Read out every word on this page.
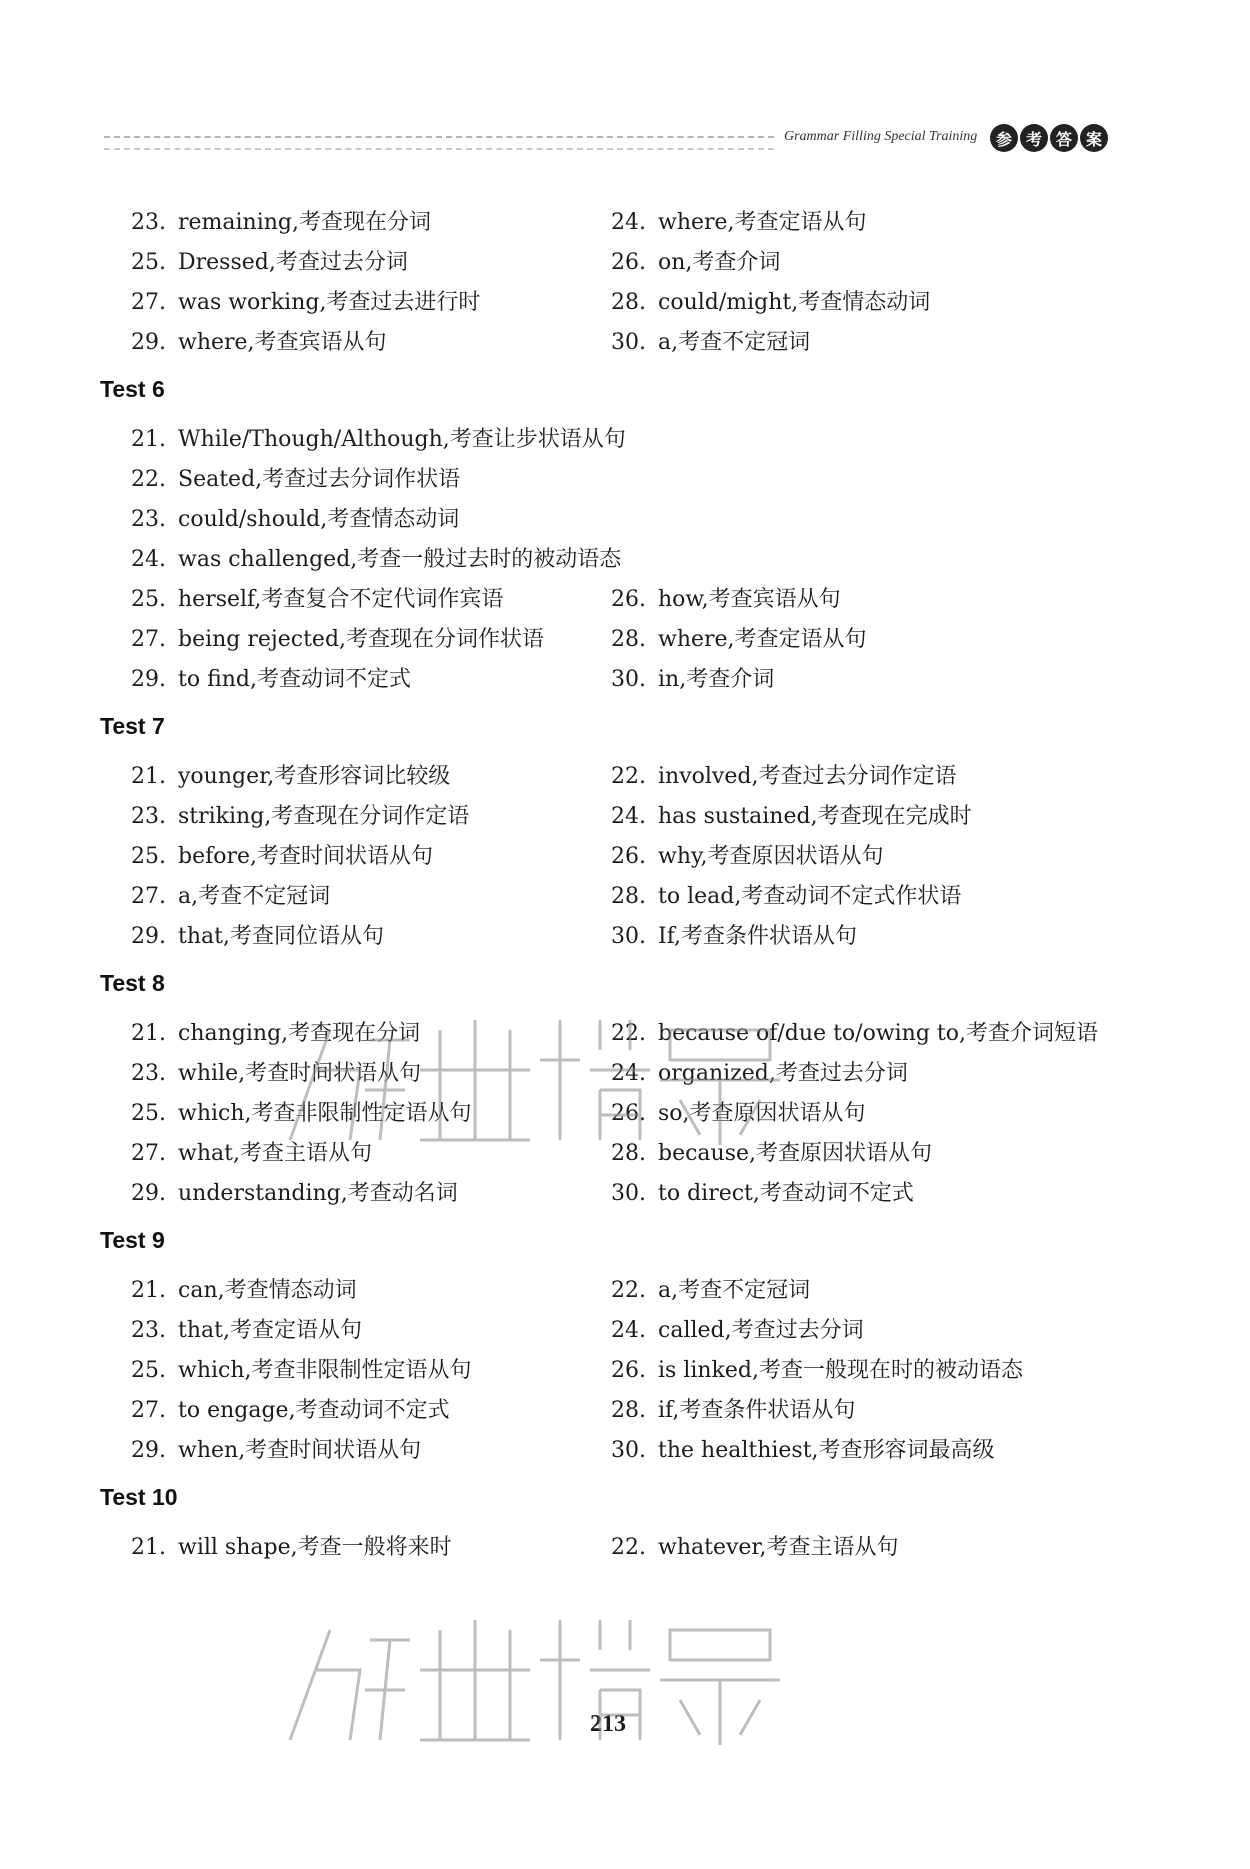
Grammar Filling Special Training	参 考 答 案
23. remaining,考查现在分词	24. where,考查定语从句
25. Dressed,考查过去分词	26. on,考查介词
27. was working,考查过去进行时	28. could/might,考查情态动词
29. where,考查宾语从句	30. a,考查不定冠词
Test 6
21. While/Though/Although,考查让步状语从句
22. Seated,考查过去分词作状语
23. could/should,考查情态动词
24. was challenged,考查一般过去时的被动语态
25. herself,考查复合不定代词作宾语	26. how,考查宾语从句
27. being rejected,考查现在分词作状语	28. where,考查定语从句
29. to find,考查动词不定式	30. in,考查介词
Test 7
21. younger,考查形容词比较级	22. involved,考查过去分词作定语
23. striking,考查现在分词作定语	24. has sustained,考查现在完成时
25. before,考查时间状语从句	26. why,考查原因状语从句
27. a,考查不定冠词	28. to lead,考查动词不定式作状语
29. that,考查同位语从句	30. If,考查条件状语从句
Test 8
21. changing,考查现在分词	22. because of/due to/owing to,考查介词短语
23. while,考查时间状语从句	24. organized,考查过去分词
25. which,考查非限制性定语从句	26. so,考查原因状语从句
27. what,考查主语从句	28. because,考查原因状语从句
29. understanding,考查动名词	30. to direct,考查动词不定式
Test 9
21. can,考查情态动词	22. a,考查不定冠词
23. that,考查定语从句	24. called,考查过去分词
25. which,考查非限制性定语从句	26. is linked,考查一般现在时的被动语态
27. to engage,考查动词不定式	28. if,考查条件状语从句
29. when,考查时间状语从句	30. the healthiest,考查形容词最高级
Test 10
21. will shape,考查一般将来时	22. whatever,考查主语从句
213
